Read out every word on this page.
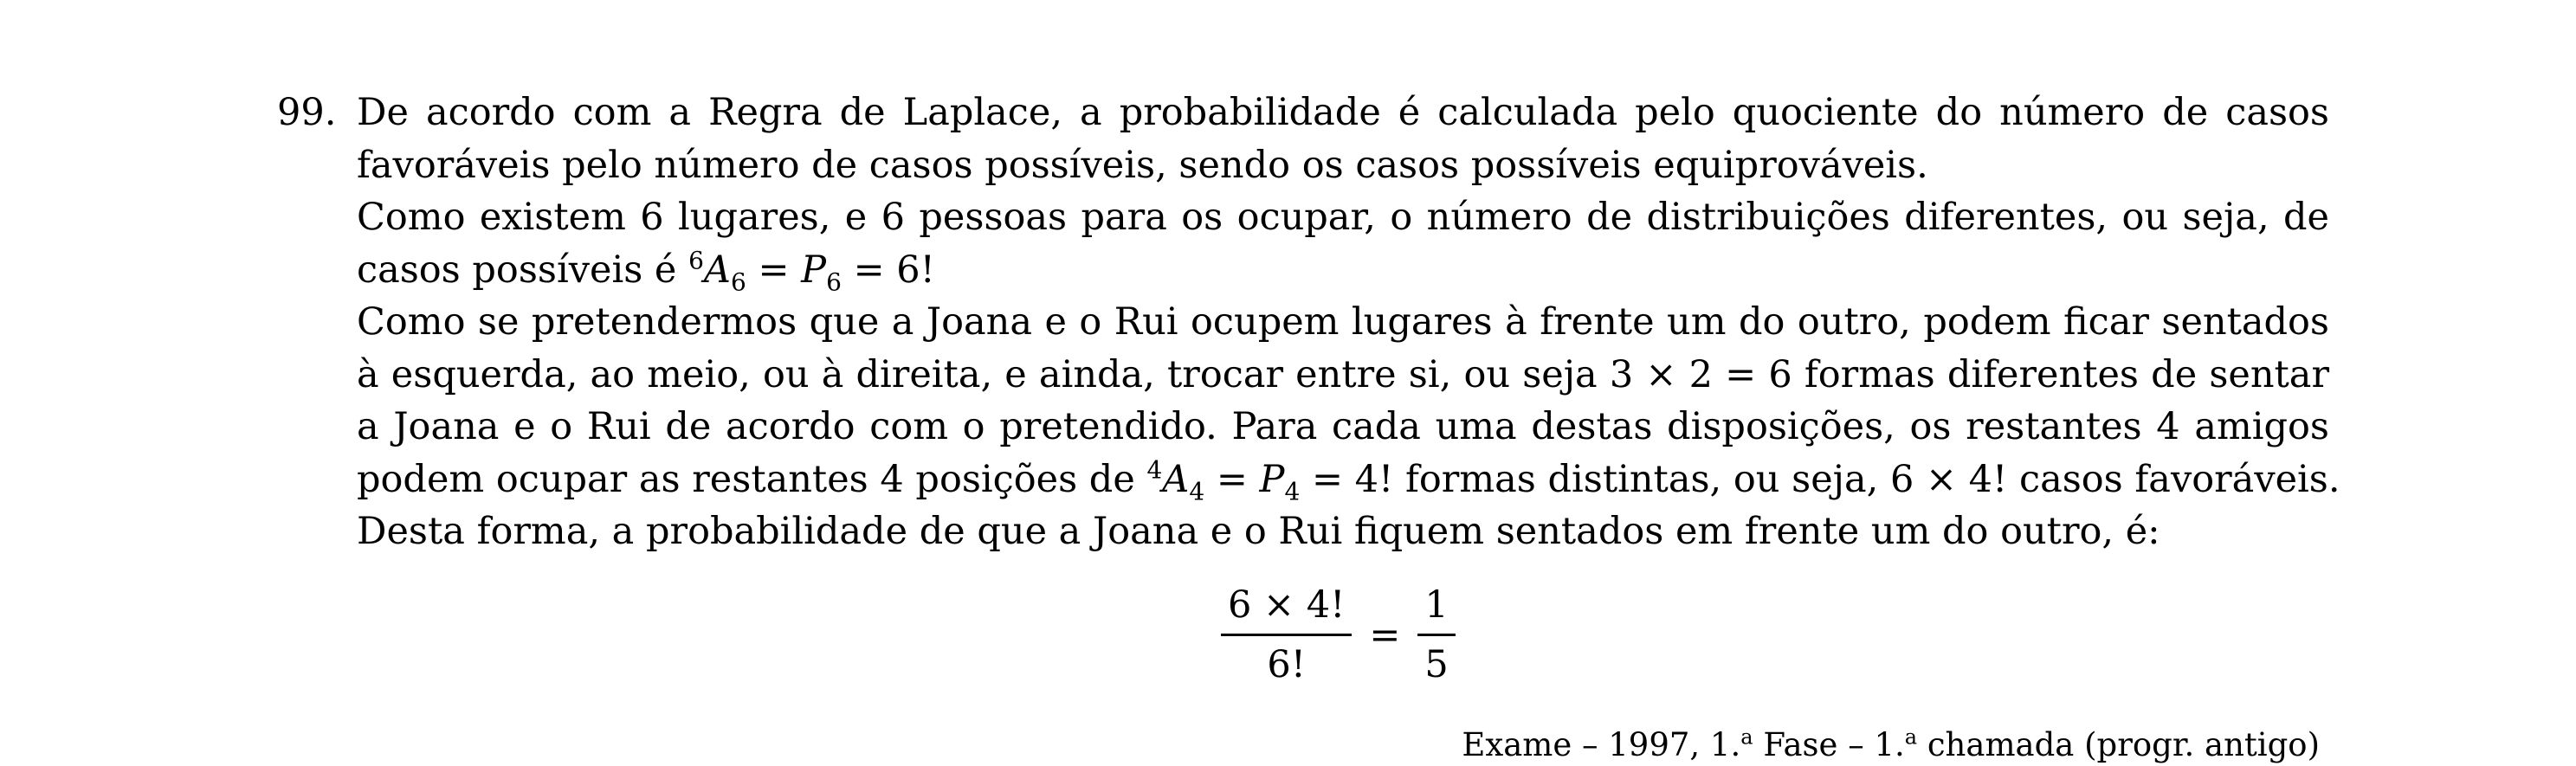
99. De acordo com a Regra de Laplace, a probabilidade é calculada pelo quociente do número de casos
favoráveis pelo número de casos possíveis, sendo os casos possíveis equiprováveis.
Como existem 6 lugares, e 6 pessoas para os ocupar, o número de distribuições diferentes, ou seja, de
casos possíveis é $^6A_6 = P_6 = 6$!
Como se pretendermos que a Joana e o Rui ocupem lugares à frente um do outro, podem ficar sentados
à esquerda, ao meio, ou à direita, e ainda, trocar entre si, ou seja 3 × 2 = 6 formas diferentes de sentar
a Joana e o Rui de acordo com o pretendido. Para cada uma destas disposições, os restantes 4 amigos
podem ocupar as restantes 4 posições de $^4A_4 = P_4 = 4$! formas distintas, ou seja, 6 × 4! casos favoráveis.
Desta forma, a probabilidade de que a Joana e o Rui fiquem sentados em frente um do outro, é:
$\frac{6 \times 4!}{6!} = \frac{1}{5}$
Exame – 1997, 1.$^a$ Fase – 1.$^a$ chamada (progr. antigo)
